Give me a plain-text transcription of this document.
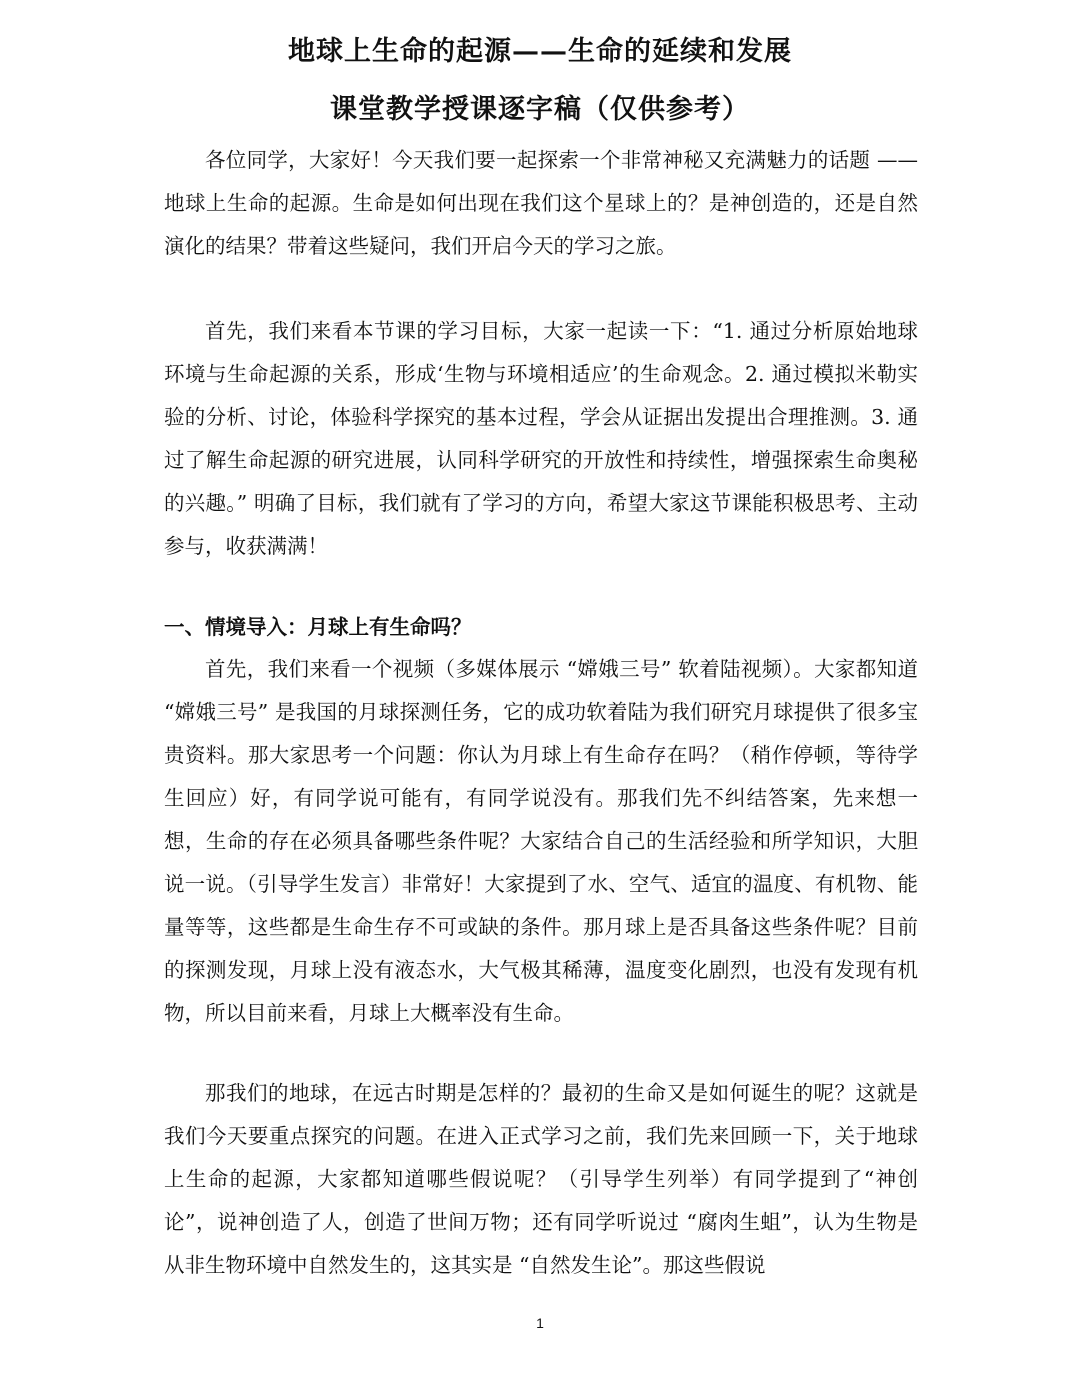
地球上生命的起源——生命的延续和发展
课堂教学授课逐字稿（仅供参考）

各位同学，大家好！今天我们要一起探索一个非常神秘又充满魅力的话题 —— 地球上生命的起源。生命是如何出现在我们这个星球上的？是神创造的，还是自然演化的结果？带着这些疑问，我们开启今天的学习之旅。

首先，我们来看本节课的学习目标，大家一起读一下：“1. 通过分析原始地球环境与生命起源的关系，形成‘生物与环境相适应’的生命观念。2. 通过模拟米勒实验的分析、讨论，体验科学探究的基本过程，学会从证据出发提出合理推测。3. 通过了解生命起源的研究进展，认同科学研究的开放性和持续性，增强探索生命奥秘的兴趣。” 明确了目标，我们就有了学习的方向，希望大家这节课能积极思考、主动参与，收获满满！

一、情境导入：月球上有生命吗？

首先，我们来看一个视频（多媒体展示 “嫦娥三号” 软着陆视频）。大家都知道 “嫦娥三号” 是我国的月球探测任务，它的成功软着陆为我们研究月球提供了很多宝贵资料。那大家思考一个问题：你认为月球上有生命存在吗？（稍作停顿，等待学生回应）好，有同学说可能有，有同学说没有。那我们先不纠结答案，先来想一想，生命的存在必须具备哪些条件呢？大家结合自己的生活经验和所学知识，大胆说一说。（引导学生发言）非常好！大家提到了水、空气、适宜的温度、有机物、能量等等，这些都是生命生存不可或缺的条件。那月球上是否具备这些条件呢？目前的探测发现，月球上没有液态水，大气极其稀薄，温度变化剧烈，也没有发现有机物，所以目前来看，月球上大概率没有生命。

那我们的地球，在远古时期是怎样的？最初的生命又是如何诞生的呢？这就是我们今天要重点探究的问题。在进入正式学习之前，我们先来回顾一下，关于地球上生命的起源，大家都知道哪些假说呢？（引导学生列举）有同学提到了“神创论”，说神创造了人，创造了世间万物；还有同学听说过 “腐肉生蛆”，认为生物是从非生物环境中自然发生的，这其实是 “自然发生论”。那这些假说

1
